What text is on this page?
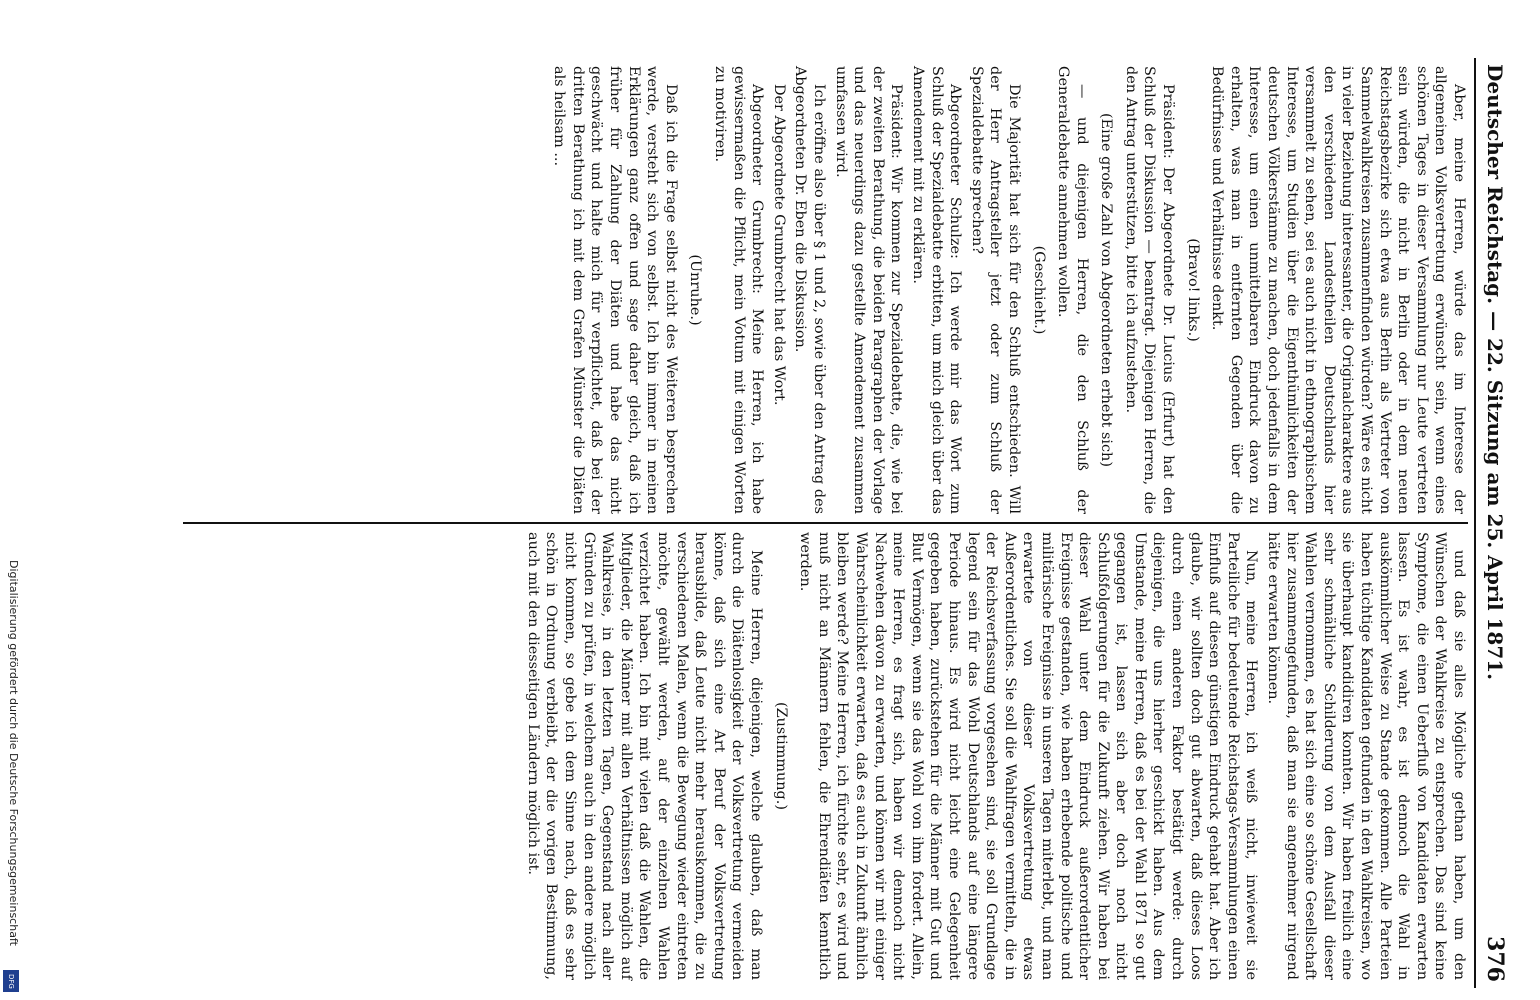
Digitalisierung gefördert durch die Deutsche Forschungsgemeinschaft
DFG
Deutscher Reichstag. — 22. Sitzung am 25. April 1871.
376

Aber, meine Herren, würde das im Interesse der allgemeinen Volksvertretung erwünscht sein, wenn eines schönen Tages in dieser Versammlung nur Leute vertreten sein würden, die nicht in Berlin oder in dem neuen Reichstagsbezirke sich etwa aus Berlin als Vertreter von Sammelwahlkreisen zusammenfinden würden? Wäre es nicht in vieler Beziehung interessanter, die Originalcharaktere aus den verschiedenen Landestheilen Deutschlands hier versammelt zu sehen, sei es auch nicht in ethnographischem Interesse, um Studien über die Eigenthümlichkeiten der deutschen Völkerstämme zu machen, doch jedenfalls in dem Interesse, um einen unmittelbaren Eindruck davon zu erhalten, was man in entfernten Gegenden über die Bedürfnisse und Verhältnisse denkt.

(Bravo! links.)

Präsident: Der Abgeordnete Dr. Lucius (Erfurt) hat den Schluß der Diskussion — beantragt. Diejenigen Herren, die den Antrag unterstützen, bitte ich aufzustehen.

(Eine große Zahl von Abgeordneten erhebt sich)

— und diejenigen Herren, die den Schluß der Generaldebatte annehmen wollen.

(Geschieht.)

Die Majorität hat sich für den Schluß entschieden. Will der Herr Antragsteller jetzt oder zum Schluß der Spezialdebatte sprechen?

Abgeordneter Schulze: Ich werde mir das Wort zum Schluß der Spezialdebatte erbitten, um mich gleich über das Amendement mit zu erklären.

Präsident: Wir kommen zur Spezialdebatte, die, wie bei der zweiten Berathung, die beiden Paragraphen der Vorlage und das neuerdings dazu gestellte Amendement zusammen umfassen wird.

Ich eröffne also über § 1 und 2, sowie über den Antrag des Abgeordneten Dr. Eben die Diskussion.

Der Abgeordnete Grumbrecht hat das Wort.

Abgeordneter Grumbrecht: Meine Herren, ich habe gewissermaßen die Pflicht, mein Votum mit einigen Worten zu motiviren.

(Unruhe.)

Daß ich die Frage selbst nicht des Weiteren besprechen werde, versteht sich von selbst. Ich bin immer in meinen Erklärungen ganz offen und sage daher gleich, daß ich früher für Zahlung der Diäten und habe das nicht geschwächt und halte mich für verpflichtet, daß bei der dritten Berathung ich mit dem Grafen Münster die Diäten als heilsam ...

und daß sie alles Mögliche gethan haben, um den Wünschen der Wahlkreise zu entsprechen. Das sind keine Symptome, die einen Ueberfluß von Kandidaten erwarten lassen. Es ist wahr, es ist dennoch die Wahl in auskömmlicher Weise zu Stande gekommen. Alle Parteien haben tüchtige Kandidaten gefunden in den Wahlkreisen, wo sie überhaupt kandidiren konnten. Wir haben freilich eine sehr schmähliche Schilderung von dem Ausfall dieser Wahlen vernommen, es hat sich eine so schöne Gesellschaft hier zusammengefunden, daß man sie angenehmer nirgend hätte erwarten können.

Nun, meine Herren, ich weiß nicht, inwieweit sie Parteiliche für bedeutende Reichstags-Versammlungen einen Einfluß auf diesen günstigen Eindruck gehabt hat. Aber ich glaube, wir sollten doch gut abwarten, daß dieses Loos durch einen anderen Faktor bestätigt werde: durch diejenigen, die uns hierher geschickt haben. Aus dem Umstande, meine Herren, daß es bei der Wahl 1871 so gut gegangen ist, lassen sich aber doch noch nicht Schlußfolgerungen für die Zukunft ziehen. Wir haben bei dieser Wahl unter dem Eindruck außerordentlicher Ereignisse gestanden, wie haben erhebende politische und militärische Ereignisse in unseren Tagen miterlebt, und man erwartete von dieser Volksvertretung etwas Außerordentliches. Sie soll die Wahlfragen vermitteln, die in der Reichsverfassung vorgesehen sind, sie soll Grundlage legend sein für das Wohl Deutschlands auf eine längere Periode hinaus. Es wird nicht leicht eine Gelegenheit gegeben haben, zurückstehen für die Männer mit Gut und Blut Vermögen, wenn sie das Wohl von ihm fordert. Allein, meine Herren, es fragt sich, haben wir dennoch nicht Nachwehen davon zu erwarten, und können wir mit einiger Wahrscheinlichkeit erwarten, daß es auch in Zukunft ähnlich bleiben werde? Meine Herren, ich fürchte sehr, es wird und muß nicht an Männern fehlen, die Ehrendiäten kenntlich werden.

(Zustimmung.)

Meine Herren, diejenigen, welche glauben, daß man durch die Diätenlosigkeit der Volksvertretung vermeiden könne, daß sich eine Art Beruf der Volksvertretung herausbilde, daß Leute nicht mehr herauskommen, die zu verschiedenen Malen, wenn die Bewegung wieder eintreten möchte, gewählt werden, auf der einzelnen Wahlen verzichtet haben. Ich bin mit vielen daß die Wahlen, die Mitglieder, die Männer mit allen Verhältnissen möglich auf Wahlkreise, in den letzten Tagen, Gegenstand nach aller Gründen zu prüfen, in welchem auch in den andere möglich nicht kommen, so gebe ich dem Sinne nach, daß es sehr schön in Ordnung verbleibt, der die vorigen Bestimmung, auch mit den diesseitigen Ländern möglich ist.
